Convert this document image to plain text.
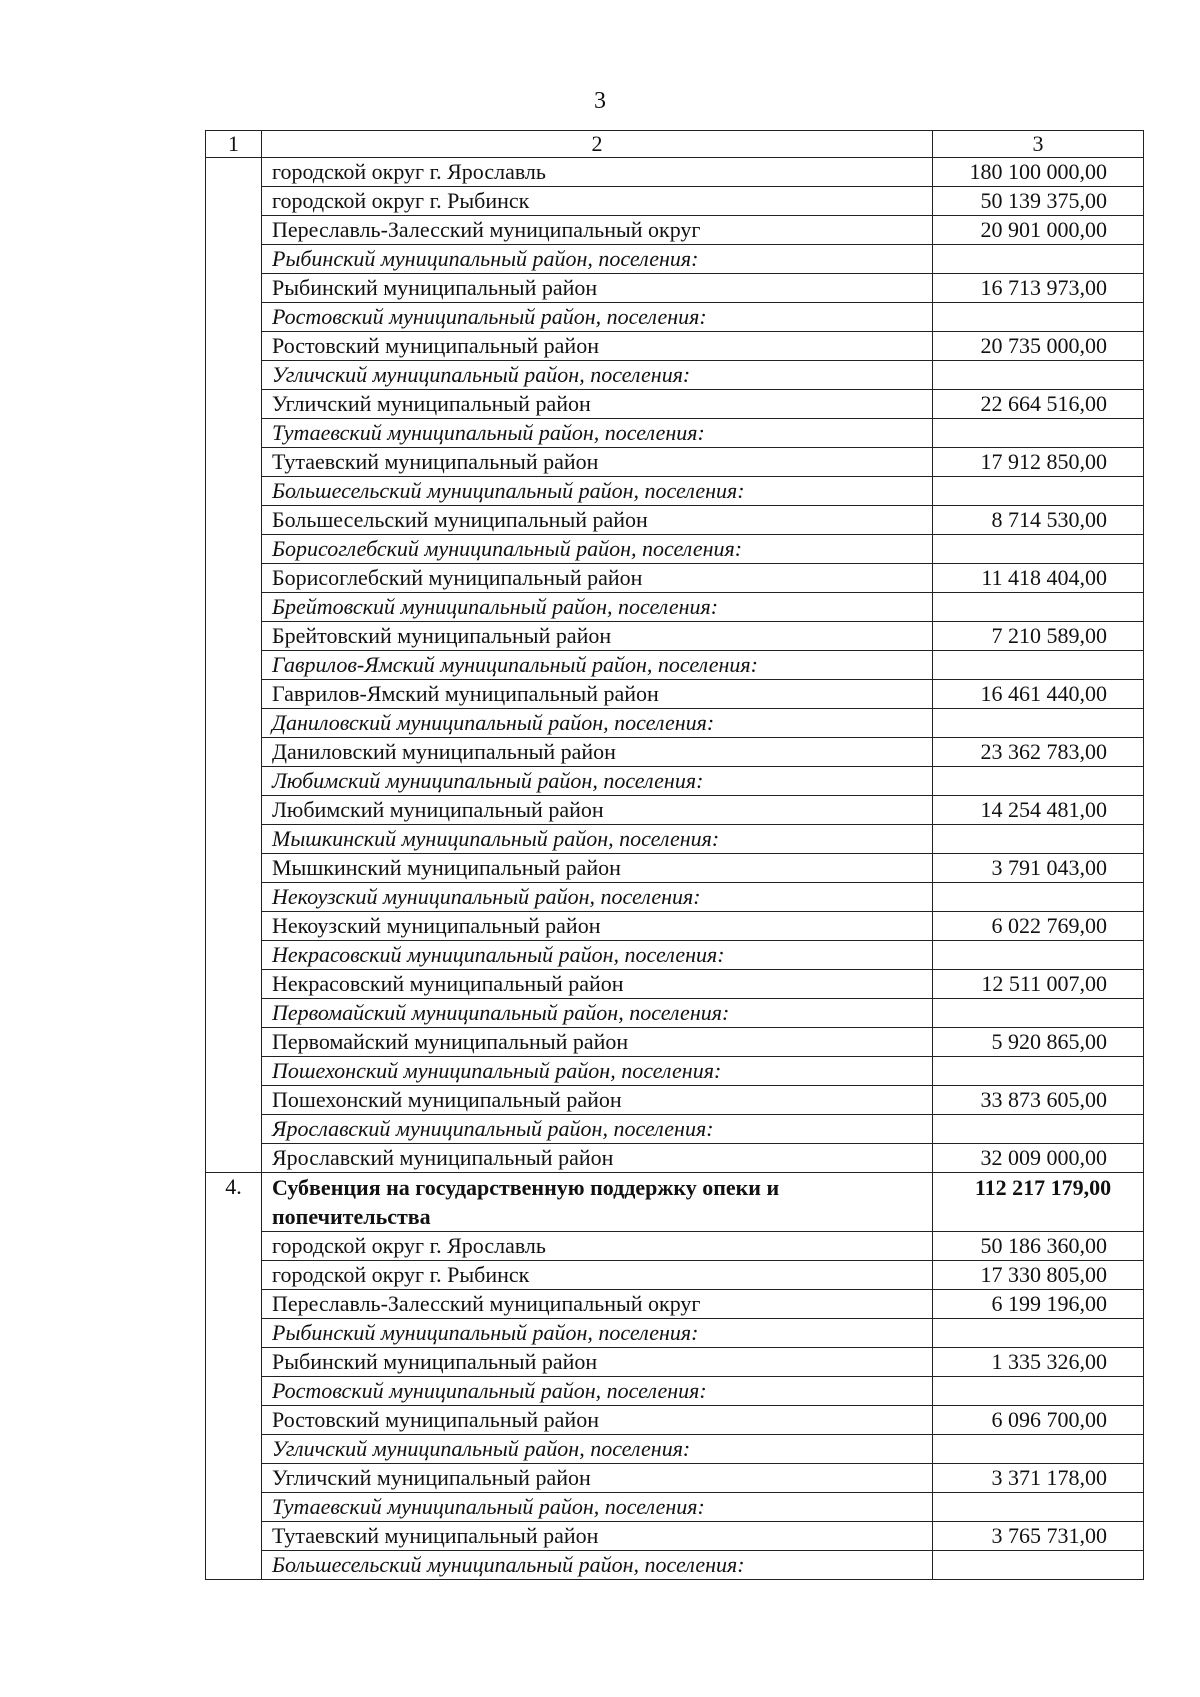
3
1	2	3
	городской округ г. Ярославль	180 100 000,00
	городской округ г. Рыбинск	50 139 375,00
	Переславль-Залесский муниципальный округ	20 901 000,00
	Рыбинский муниципальный район, поселения:	
	Рыбинский муниципальный район	16 713 973,00
	Ростовский муниципальный район, поселения:	
	Ростовский муниципальный район	20 735 000,00
	Угличский муниципальный район, поселения:	
	Угличский муниципальный район	22 664 516,00
	Тутаевский муниципальный район, поселения:	
	Тутаевский муниципальный район	17 912 850,00
	Большесельский муниципальный район, поселения:	
	Большесельский муниципальный район	8 714 530,00
	Борисоглебский муниципальный район, поселения:	
	Борисоглебский муниципальный район	11 418 404,00
	Брейтовский муниципальный район, поселения:	
	Брейтовский муниципальный район	7 210 589,00
	Гаврилов-Ямский муниципальный район, поселения:	
	Гаврилов-Ямский муниципальный район	16 461 440,00
	Даниловский муниципальный район, поселения:	
	Даниловский муниципальный район	23 362 783,00
	Любимский муниципальный район, поселения:	
	Любимский муниципальный район	14 254 481,00
	Мышкинский муниципальный район, поселения:	
	Мышкинский муниципальный район	3 791 043,00
	Некоузский муниципальный район, поселения:	
	Некоузский муниципальный район	6 022 769,00
	Некрасовский муниципальный район, поселения:	
	Некрасовский муниципальный район	12 511 007,00
	Первомайский муниципальный район, поселения:	
	Первомайский муниципальный район	5 920 865,00
	Пошехонский муниципальный район, поселения:	
	Пошехонский муниципальный район	33 873 605,00
	Ярославский муниципальный район, поселения:	
	Ярославский муниципальный район	32 009 000,00
4.	Субвенция на государственную поддержку опеки и попечительства	112 217 179,00
	городской округ г. Ярославль	50 186 360,00
	городской округ г. Рыбинск	17 330 805,00
	Переславль-Залесский муниципальный округ	6 199 196,00
	Рыбинский муниципальный район, поселения:	
	Рыбинский муниципальный район	1 335 326,00
	Ростовский муниципальный район, поселения:	
	Ростовский муниципальный район	6 096 700,00
	Угличский муниципальный район, поселения:	
	Угличский муниципальный район	3 371 178,00
	Тутаевский муниципальный район, поселения:	
	Тутаевский муниципальный район	3 765 731,00
	Большесельский муниципальный район, поселения:	
